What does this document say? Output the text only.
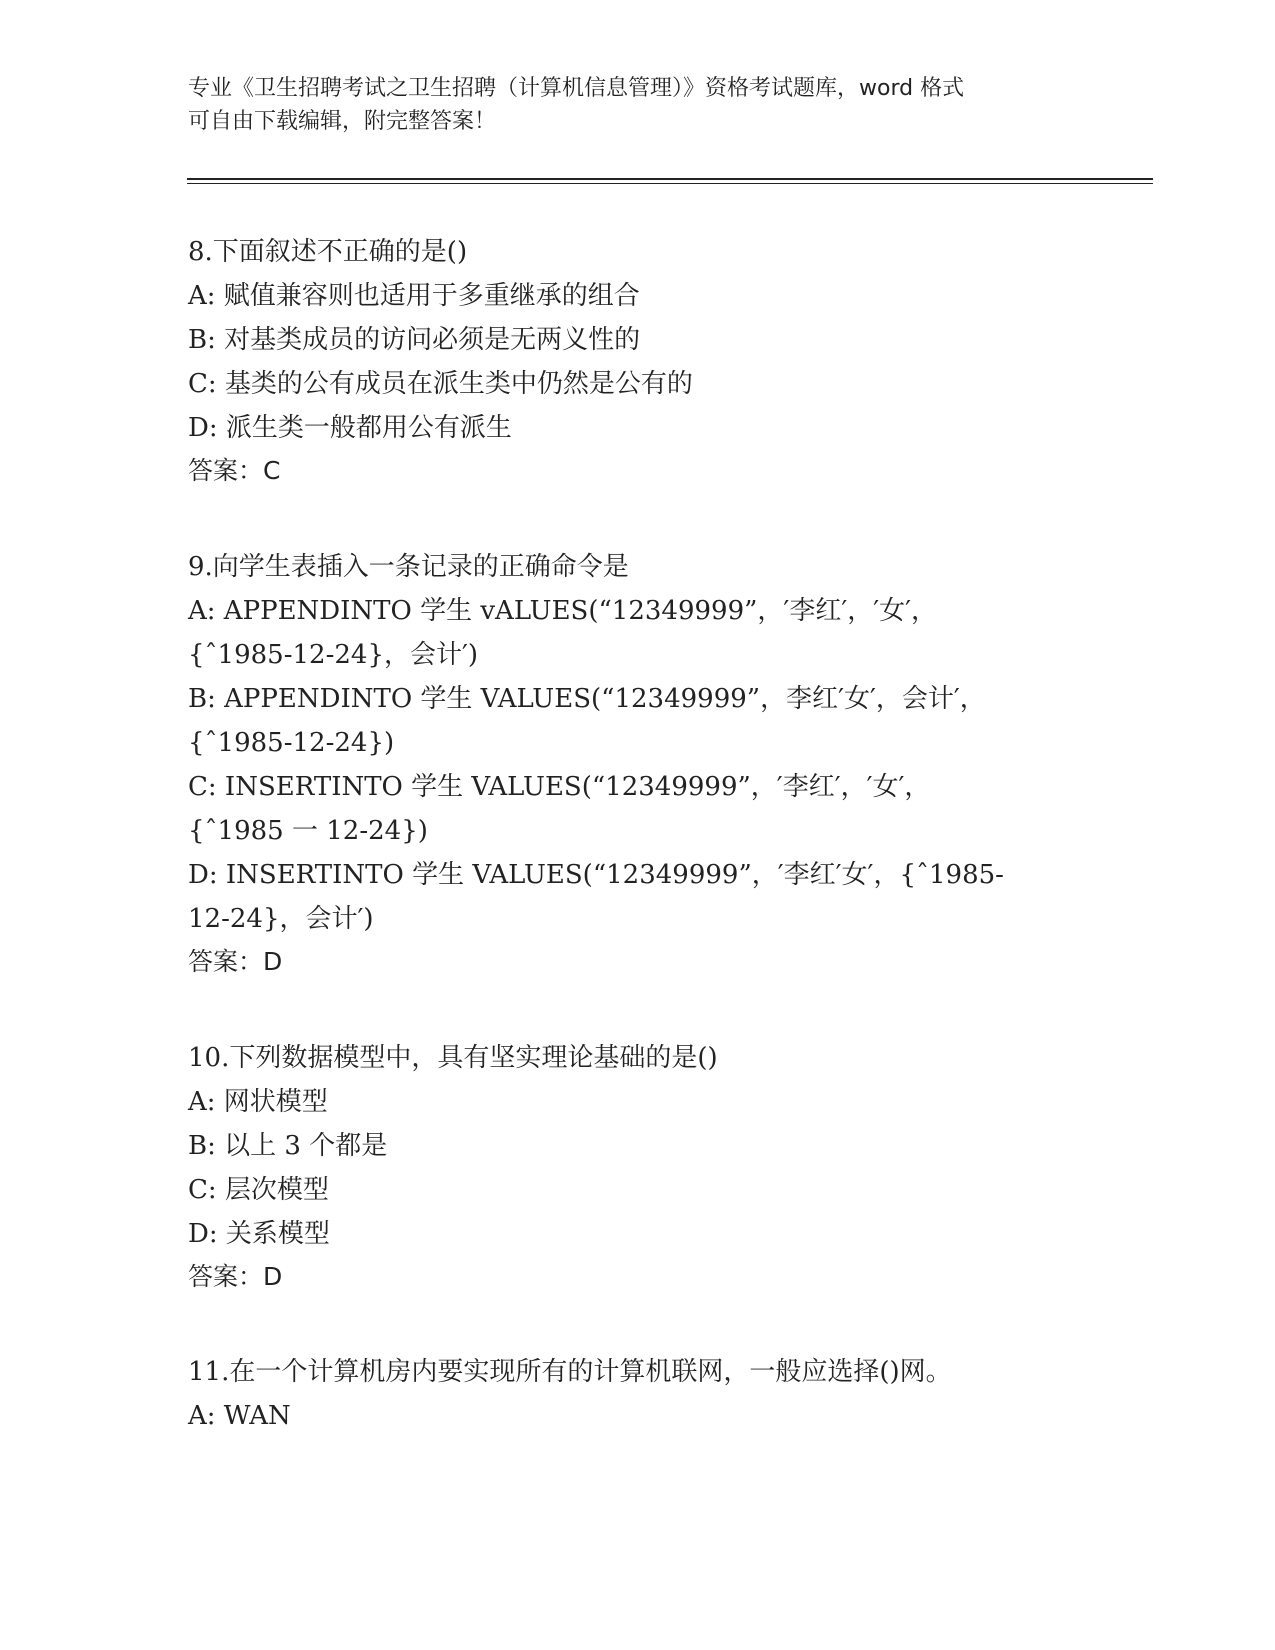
专业《卫生招聘考试之卫生招聘（计算机信息管理）》资格考试题库，word 格式
可自由下载编辑，附完整答案！
8.下面叙述不正确的是()
A: 赋值兼容则也适用于多重继承的组合
B: 对基类成员的访问必须是无两义性的
C: 基类的公有成员在派生类中仍然是公有的
D: 派生类一般都用公有派生
答案：C
9.向学生表插入一条记录的正确命令是
A: APPENDINTO 学生 vALUES(“12349999”，′李红′，′女′，
{ˆ1985-12-24}，会计′)
B: APPENDINTO 学生 VALUES(“12349999”，李红′女′，会计′，
{ˆ1985-12-24})
C: INSERTINTO 学生 VALUES(“12349999”，′李红′，′女′，
{ˆ1985 一 12-24})
D: INSERTINTO 学生 VALUES(“12349999”，′李红′女′，{ˆ1985-
12-24}，会计′)
答案：D
10.下列数据模型中，具有坚实理论基础的是()
A: 网状模型
B: 以上 3 个都是
C: 层次模型
D: 关系模型
答案：D
11.在一个计算机房内要实现所有的计算机联网，一般应选择()网。
A: WAN
